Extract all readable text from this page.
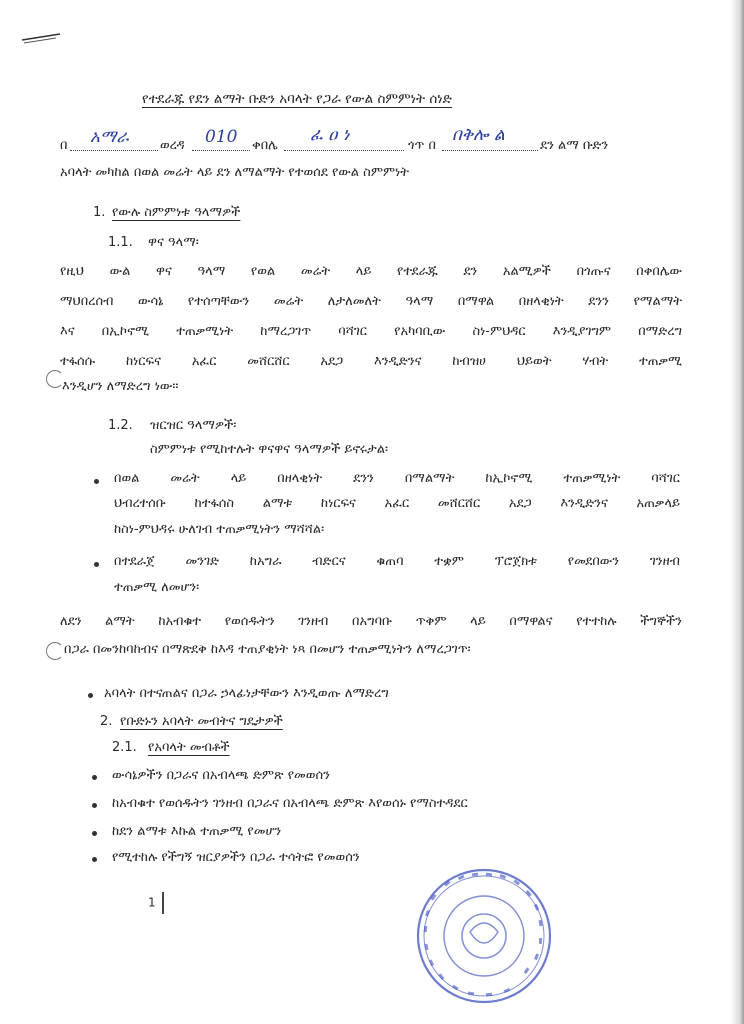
የተደራጁ የደን ልማት ቡድን አባላት የጋራ የውል ስምምነት ሰነድ
በ አማራ ወረዳ 010 ቀበሌ
ፈ ዐ ነ
ጎጥ በ
በቅሎ ል
ደን ልማ ቡድን
አባላት መካከል በወል መሬት ላይ ደን ለማልማት የተወሰደ የውል ስምምነት
1. የውሉ ስምምነቱ ዓላማዎች
1.1. ዋና ዓላማ፡
የዚህ ውል ዋና ዓላማ የወል መሬት ላይ የተደራጁ ደን አልሚዎች በጎጡና በቀበሌው
ማህበረሰብ ውሳኔ የተሰጣቸውን መሬት ለታለመለት ዓላማ በማዋል በዘላቂነት ደንን የማልማት
እና በኢኮኖሚ ተጠቃሚነት ከማረጋገጥ ባሻገር የአካባቢው ስነ-ምህዳር እንዲያገግም በማድረግ
ተፋሰሱ ከነርፍና አፈር መሸርሸር አደጋ እንዲድንና ከብዝሀ ህይወት ሃብት ተጠቃሚ
እንዲሆን ለማድረግ ነው፡፡
1.2. ዝርዝር ዓላማዎች፡
ስምምነቱ የሚከተሉት ዋናዋና ዓላማዎች ይኖሩታል፡
በወል መሬት ላይ በዘላቂነት ደንን በማልማት ከኢኮኖሚ ተጠቃሚነት ባሻገር
ህብረተሰቡ ከተፋሰስ ልማቱ ከነርፍና አፈር መሸርሸር አደጋ እንዲድንና አጠቃላይ
ከስነ-ምህዳሩ ሁለገብ ተጠቃሚነትን ማሻሻል፡
በተደራጀ መንገድ ከአግራ ብድርና ቁጠባ ተቋም ፕሮጀክቱ የመደበውን ገንዘብ
ተጠቃሚ ለመሆን፡
ለደን ልማት ከአብቁተ የወሰዱትን ገንዘብ በአግባቡ ጥቅም ላይ በማዋልና የተተከሉ ችግኞችን
በጋራ በመንከባከብና በማጽደቅ ከእዳ ተጠያቂነት ነጻ በመሆን ተጠቃሚነትን ለማረጋገጥ፡
አባላት በተናጠልና በጋራ ኃላፊነታቸውን እንዲወጡ ለማድረግ
2. የቡድኑን አባላት መብትና ግዴታዎች
2.1. የአባላት መብቶች
ውሳኔዎችን በጋራና በአብላጫ ድምጽ የመወሰን
ከአብቁተ የወሰዱትን ገንዘብ በጋራና በአብላጫ ድምጽ እየወሰኑ የማስተዳደር
ከደን ልማቱ እኩል ተጠቃሚ የመሆን
የሚተከሉ የችግኝ ዝርያዎችን በጋራ ተሳትፎ የመወሰን
1
